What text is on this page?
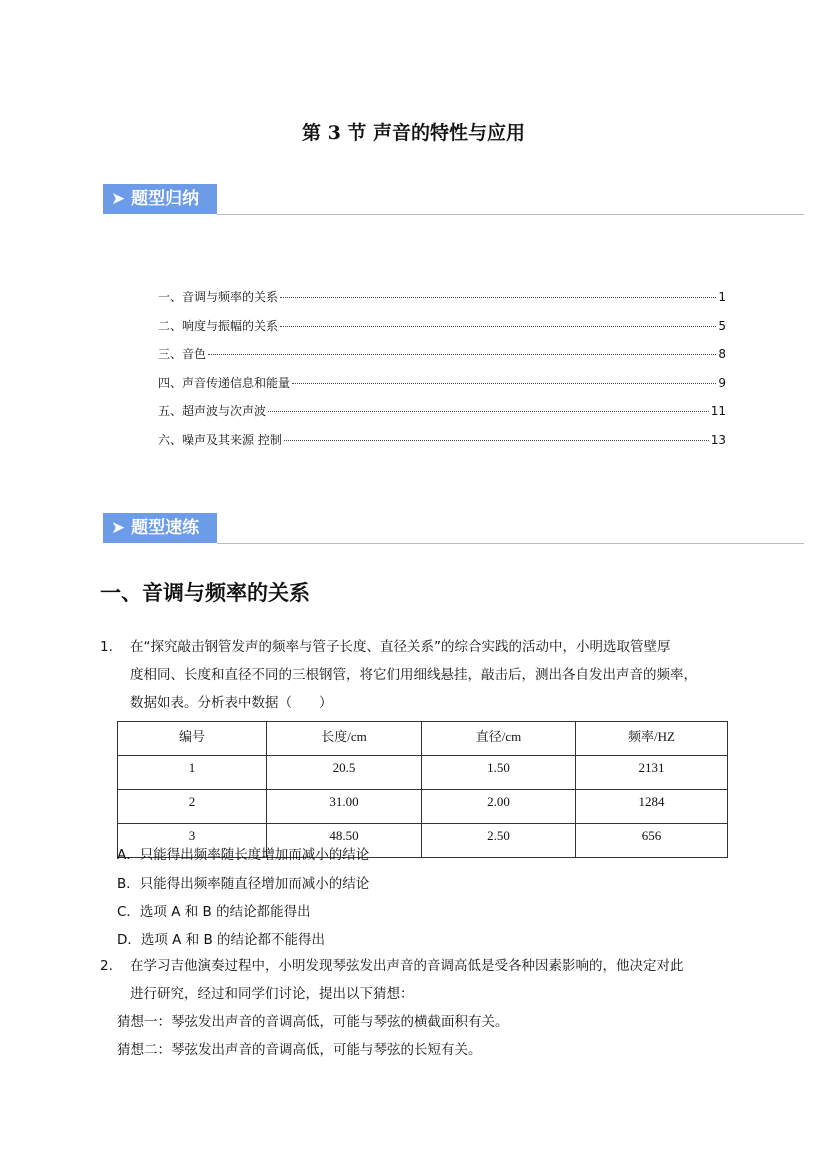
第 3 节 声音的特性与应用
➤ 题型归纳
一、音调与频率的关系	1
二、响度与振幅的关系	5
三、音色	8
四、声音传递信息和能量	9
五、超声波与次声波	11
六、噪声及其来源 控制	13
➤ 题型速练
一、音调与频率的关系
1. 在“探究敲击钢管发声的频率与管子长度、直径关系”的综合实践的活动中，小明选取管壁厚
度相同、长度和直径不同的三根钢管，将它们用细线悬挂，敲击后，测出各自发出声音的频率，
数据如表。分析表中数据（　　）
编号	长度/cm	直径/cm	频率/HZ
1	20.5	1.50	2131
2	31.00	2.00	1284
3	48.50	2.50	656
A．只能得出频率随长度增加而减小的结论
B．只能得出频率随直径增加而减小的结论
C．选项 A 和 B 的结论都能得出
D．选项 A 和 B 的结论都不能得出
2. 在学习吉他演奏过程中，小明发现琴弦发出声音的音调高低是受各种因素影响的，他决定对此
进行研究，经过和同学们讨论，提出以下猜想：
猜想一：琴弦发出声音的音调高低，可能与琴弦的横截面积有关。
猜想二：琴弦发出声音的音调高低，可能与琴弦的长短有关。
